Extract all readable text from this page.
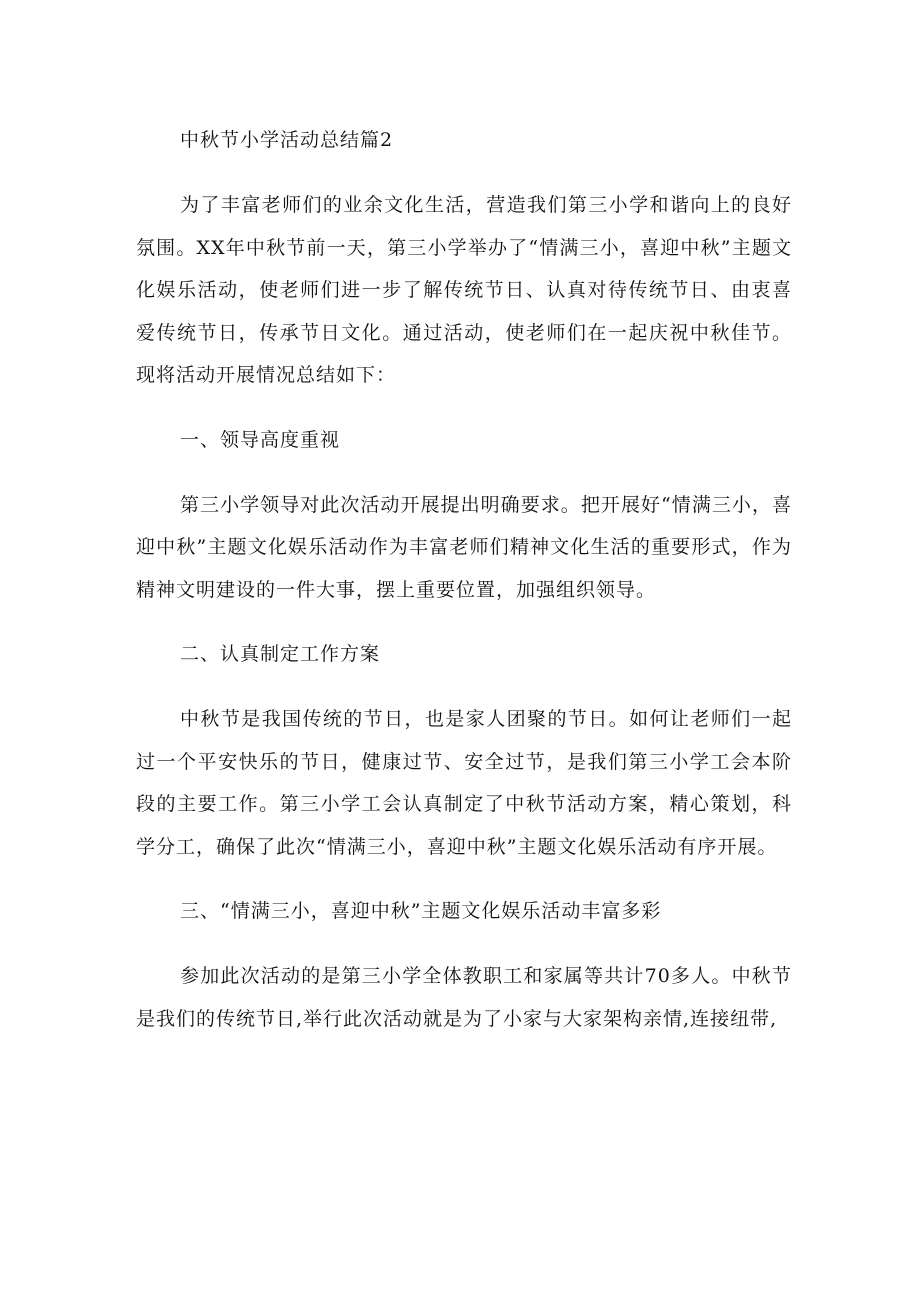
中秋节小学活动总结篇2
为了丰富老师们的业余文化生活，营造我们第三小学和谐向上的良好氛围。XX年中秋节前一天，第三小学举办了“情满三小，喜迎中秋”主题文化娱乐活动，使老师们进一步了解传统节日、认真对待传统节日、由衷喜爱传统节日，传承节日文化。通过活动，使老师们在一起庆祝中秋佳节。现将活动开展情况总结如下：
一、领导高度重视
第三小学领导对此次活动开展提出明确要求。把开展好“情满三小，喜迎中秋”主题文化娱乐活动作为丰富老师们精神文化生活的重要形式，作为精神文明建设的一件大事，摆上重要位置，加强组织领导。
二、认真制定工作方案
中秋节是我国传统的节日，也是家人团聚的节日。如何让老师们一起过一个平安快乐的节日，健康过节、安全过节，是我们第三小学工会本阶段的主要工作。第三小学工会认真制定了中秋节活动方案，精心策划，科学分工，确保了此次“情满三小，喜迎中秋”主题文化娱乐活动有序开展。
三、“情满三小，喜迎中秋”主题文化娱乐活动丰富多彩
参加此次活动的是第三小学全体教职工和家属等共计70多人。中秋节是我们的传统节日,举行此次活动就是为了小家与大家架构亲情,连接纽带,
